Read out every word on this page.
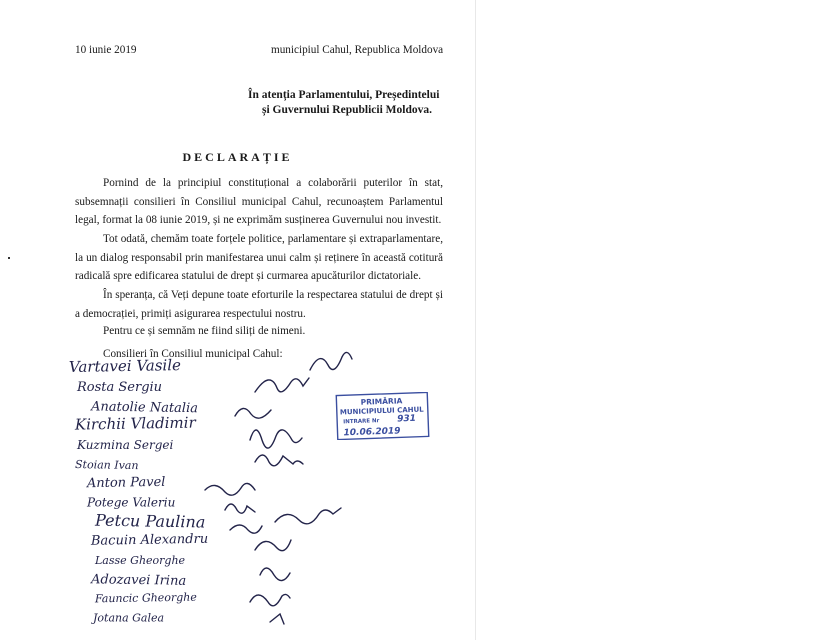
10 iunie 2019	municipiul Cahul, Republica Moldova
În atenția Parlamentului, Președintelui
și Guvernului Republicii Moldova.
DECLARAȚIE
Pornind de la principiul constituțional a colaborării puterilor în stat, subsemnații consilieri în Consiliul municipal Cahul, recunoaștem Parlamentul legal, format la 08 iunie 2019, și ne exprimăm susținerea Guvernului nou investit.
Tot odată, chemăm toate forțele politice, parlamentare și extraparlamentare, la un dialog responsabil prin manifestarea unui calm și reținere în această cotitură radicală spre edificarea statului de drept și curmarea apucăturilor dictatoriale.
În speranța, că Veți depune toate eforturile la respectarea statului de drept și a democrației, primiți asigurarea respectului nostru.
Pentru ce și semnăm ne fiind siliți de nimeni.
Consilieri în Consiliul municipal Cahul:
Vartavei Vasile
Rosta Sergiu
Anatolie Natalia
Kirchii Vladimir
Kuzmina Sergei
Stoian Ivan
Anton Pavel
Potege Valeriu
Petcu Paulina
Bacuin Alexandru
Lasse Gheorghe
Adozavei Irina
Fauncic Gheorghe
Jotana Galea
PRIMĂRIA
MUNICIPIULUI CAHUL
INTRARE Nr 931
10.06.2019
